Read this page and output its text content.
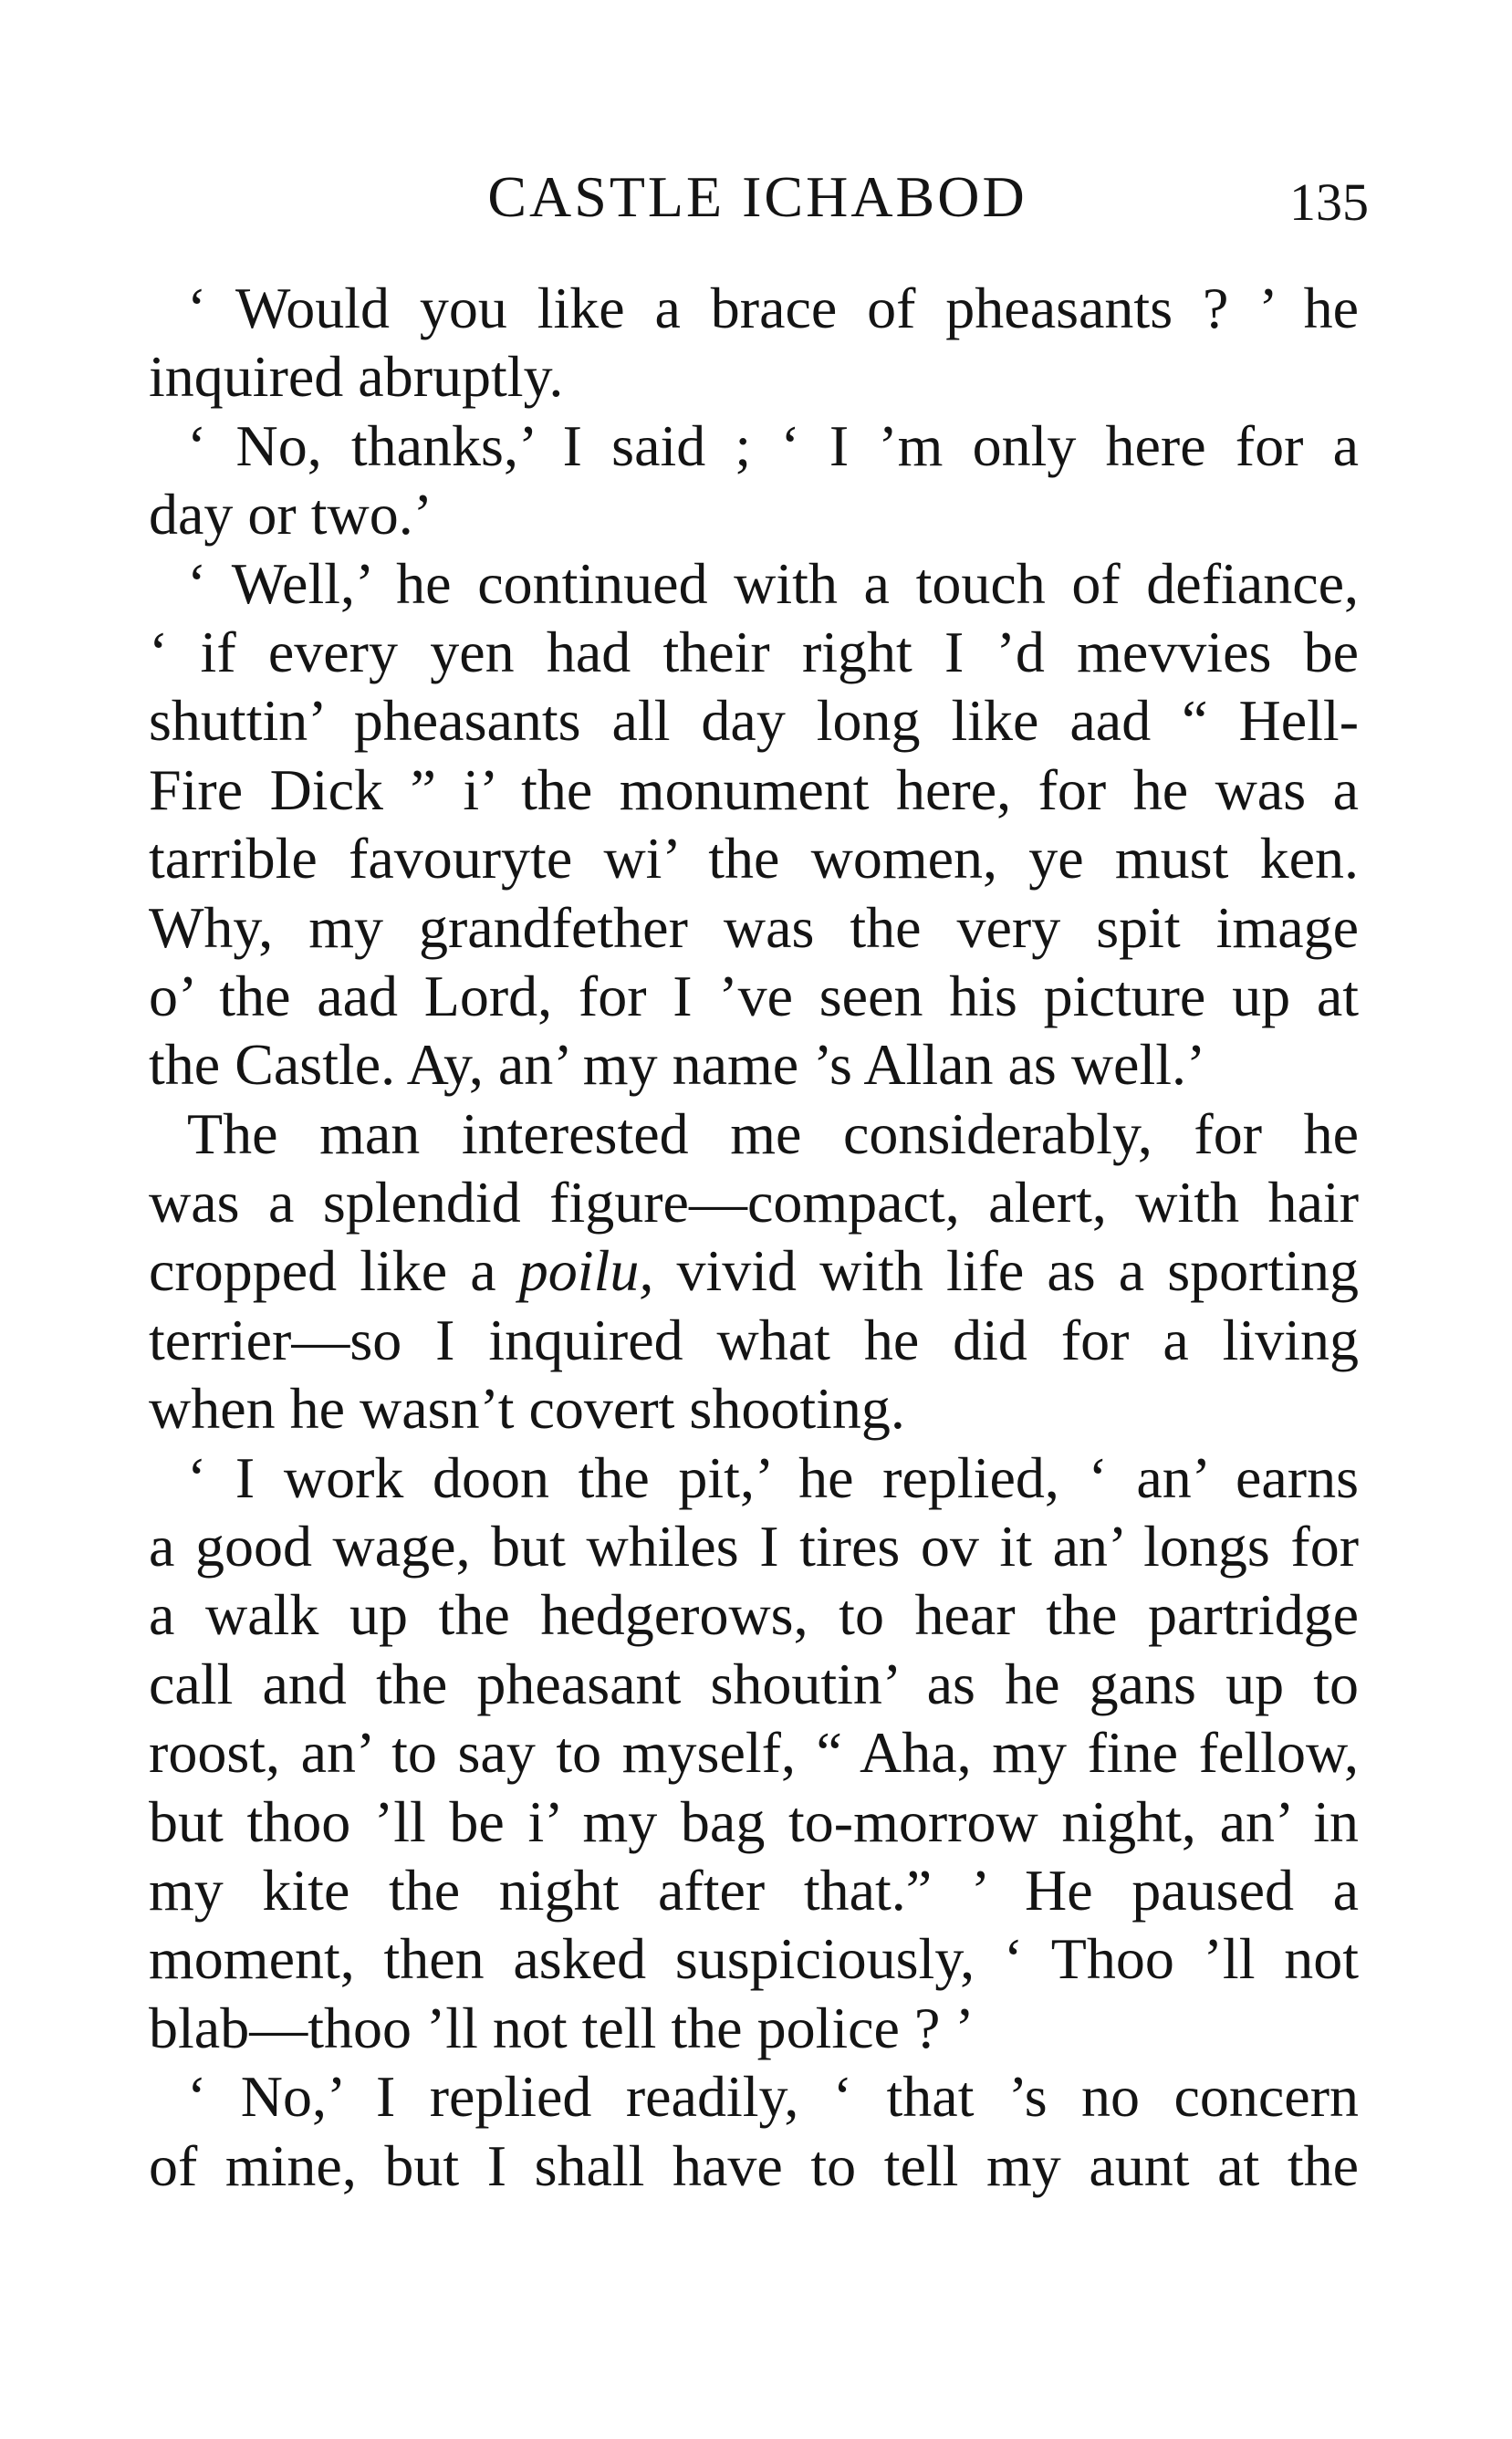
CASTLE ICHABOD	135
‘ Would you like a brace of pheasants ? ’ he
inquired abruptly.
‘ No, thanks,’ I said ; ‘ I ’m only here for a
day or two.’
‘ Well,’ he continued with a touch of defiance,
‘ if every yen had their right I ’d mevvies be
shuttin’ pheasants all day long like aad “ Hell-
Fire Dick ” i’ the monument here, for he was a
tarrible favouryte wi’ the women, ye must ken.
Why, my grandfether was the very spit image
o’ the aad Lord, for I ’ve seen his picture up at
the Castle. Ay, an’ my name ’s Allan as well.’
The man interested me considerably, for he
was a splendid figure—compact, alert, with hair
cropped like a poilu, vivid with life as a sporting
terrier—so I inquired what he did for a living
when he wasn’t covert shooting.
‘ I work doon the pit,’ he replied, ‘ an’ earns
a good wage, but whiles I tires ov it an’ longs for
a walk up the hedgerows, to hear the partridge
call and the pheasant shoutin’ as he gans up to
roost, an’ to say to myself, “ Aha, my fine fellow,
but thoo ’ll be i’ my bag to-morrow night, an’ in
my kite the night after that.” ’ He paused a
moment, then asked suspiciously, ‘ Thoo ’ll not
blab—thoo ’ll not tell the police ? ’
‘ No,’ I replied readily, ‘ that ’s no concern
of mine, but I shall have to tell my aunt at the
